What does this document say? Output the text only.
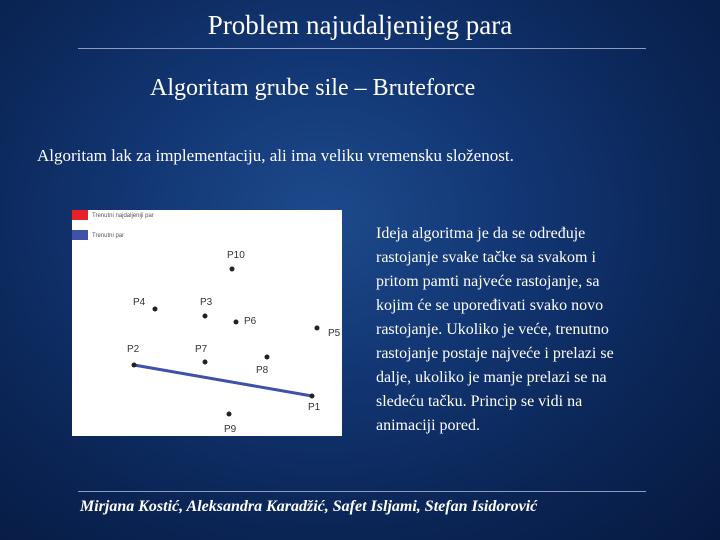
Problem najudaljenijeg para
Algoritam grube sile – Bruteforce
Algoritam lak za implementaciju, ali ima veliku vremensku složenost.
Trenutni najdaljeniji par
Trenutni par
P10
P4	P3
P6
P5
P2	P7
P8
P1
P9
Ideja algoritma je da se određuje
rastojanje svake tačke sa svakom i
pritom pamti najveće rastojanje, sa
kojim će se upoređivati svako novo
rastojanje. Ukoliko je veće, trenutno
rastojanje postaje najveće i prelazi se
dalje, ukoliko je manje prelazi se na
sledeću tačku. Princip se vidi na
animaciji pored.
Mirjana Kostić, Aleksandra Karadžić, Safet Isljami, Stefan Isidorović
